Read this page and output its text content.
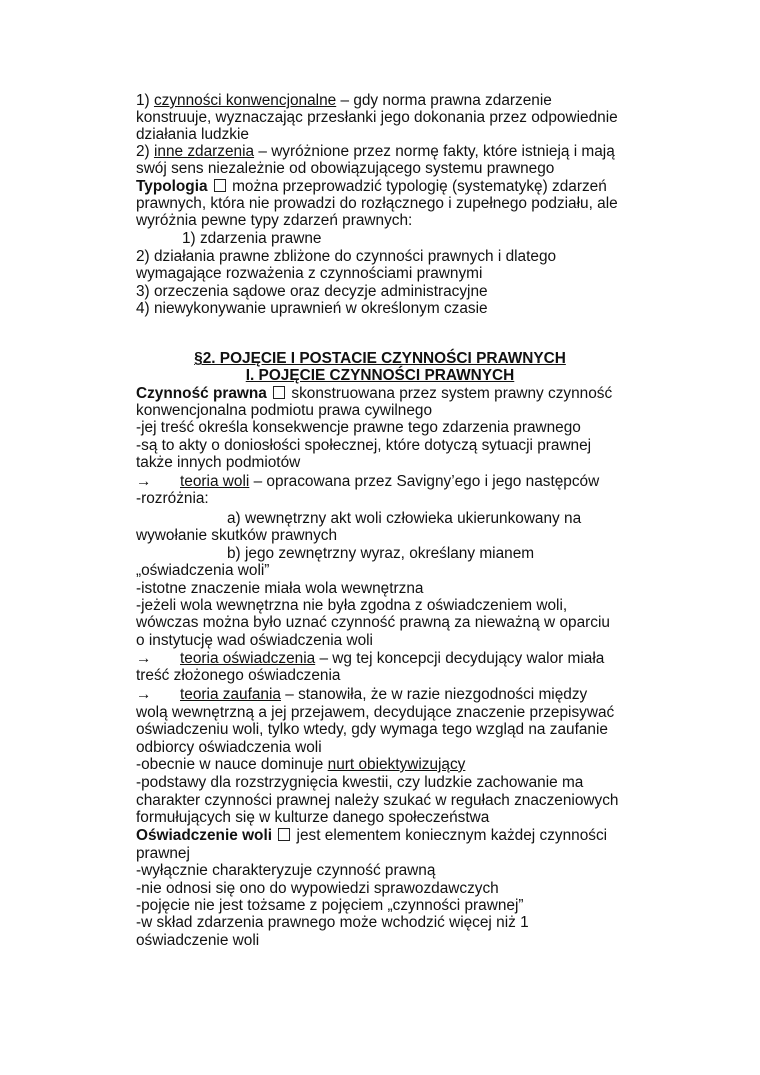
1) czynności konwencjonalne – gdy norma prawna zdarzenie
konstruuje, wyznaczając przesłanki jego dokonania przez odpowiednie
działania ludzkie
2) inne zdarzenia – wyróżnione przez normę fakty, które istnieją i mają
swój sens niezależnie od obowiązującego systemu prawnego
Typologia  można przeprowadzić typologię (systematykę) zdarzeń
prawnych, która nie prowadzi do rozłącznego i zupełnego podziału, ale
wyróżnia pewne typy zdarzeń prawnych:
1) zdarzenia prawne
2) działania prawne zbliżone do czynności prawnych i dlatego
wymagające rozważenia z czynnościami prawnymi
3) orzeczenia sądowe oraz decyzje administracyjne
4) niewykonywanie uprawnień w określonym czasie
§2. POJĘCIE I POSTACIE CZYNNOŚCI PRAWNYCH
I. POJĘCIE CZYNNOŚCI PRAWNYCH
Czynność prawna  skonstruowana przez system prawny czynność
konwencjonalna podmiotu prawa cywilnego
-jej treść określa konsekwencje prawne tego zdarzenia prawnego
-są to akty o doniosłości społecznej, które dotyczą sytuacji prawnej
także innych podmiotów
→ teoria woli – opracowana przez Savigny’ego i jego następców
-rozróżnia:
a) wewnętrzny akt woli człowieka ukierunkowany na
wywołanie skutków prawnych
b) jego zewnętrzny wyraz, określany mianem
„oświadczenia woli”
-istotne znaczenie miała wola wewnętrzna
-jeżeli wola wewnętrzna nie była zgodna z oświadczeniem woli,
wówczas można było uznać czynność prawną za nieważną w oparciu
o instytucję wad oświadczenia woli
→ teoria oświadczenia – wg tej koncepcji decydujący walor miała
treść złożonego oświadczenia
→ teoria zaufania – stanowiła, że w razie niezgodności między
wolą wewnętrzną a jej przejawem, decydujące znaczenie przepisywać
oświadczeniu woli, tylko wtedy, gdy wymaga tego wzgląd na zaufanie
odbiorcy oświadczenia woli
-obecnie w nauce dominuje nurt obiektywizujący
-podstawy dla rozstrzygnięcia kwestii, czy ludzkie zachowanie ma
charakter czynności prawnej należy szukać w regułach znaczeniowych
formułujących się w kulturze danego społeczeństwa
Oświadczenie woli  jest elementem koniecznym każdej czynności
prawnej
-wyłącznie charakteryzuje czynność prawną
-nie odnosi się ono do wypowiedzi sprawozdawczych
-pojęcie nie jest tożsame z pojęciem „czynności prawnej”
-w skład zdarzenia prawnego może wchodzić więcej niż 1
oświadczenie woli
